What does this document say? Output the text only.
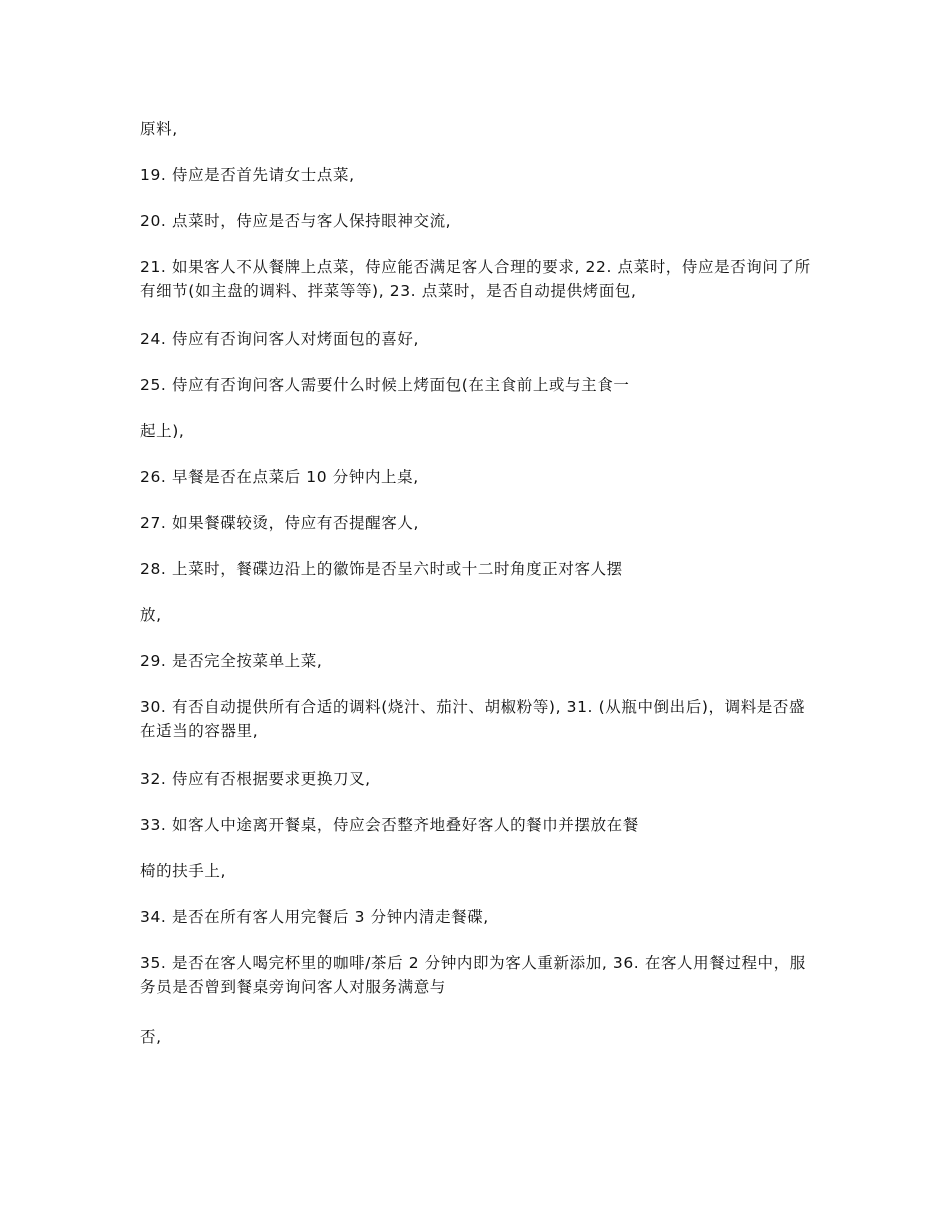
原料,

19. 侍应是否首先请女士点菜,

20. 点菜时，侍应是否与客人保持眼神交流,

21. 如果客人不从餐牌上点菜，侍应能否满足客人合理的要求, 22. 点菜时，侍应是否询问了所有细节(如主盘的调料、拌菜等等), 23. 点菜时，是否自动提供烤面包,

24. 侍应有否询问客人对烤面包的喜好,

25. 侍应有否询问客人需要什么时候上烤面包(在主食前上或与主食一

起上),

26. 早餐是否在点菜后 10 分钟内上桌,

27. 如果餐碟较烫，侍应有否提醒客人,

28. 上菜时，餐碟边沿上的徽饰是否呈六时或十二时角度正对客人摆

放,

29. 是否完全按菜单上菜,

30. 有否自动提供所有合适的调料(烧汁、茄汁、胡椒粉等), 31. (从瓶中倒出后)，调料是否盛在适当的容器里,

32. 侍应有否根据要求更换刀叉,

33. 如客人中途离开餐桌，侍应会否整齐地叠好客人的餐巾并摆放在餐

椅的扶手上,

34. 是否在所有客人用完餐后 3 分钟内清走餐碟,

35. 是否在客人喝完杯里的咖啡/茶后 2 分钟内即为客人重新添加, 36. 在客人用餐过程中，服务员是否曾到餐桌旁询问客人对服务满意与

否,
